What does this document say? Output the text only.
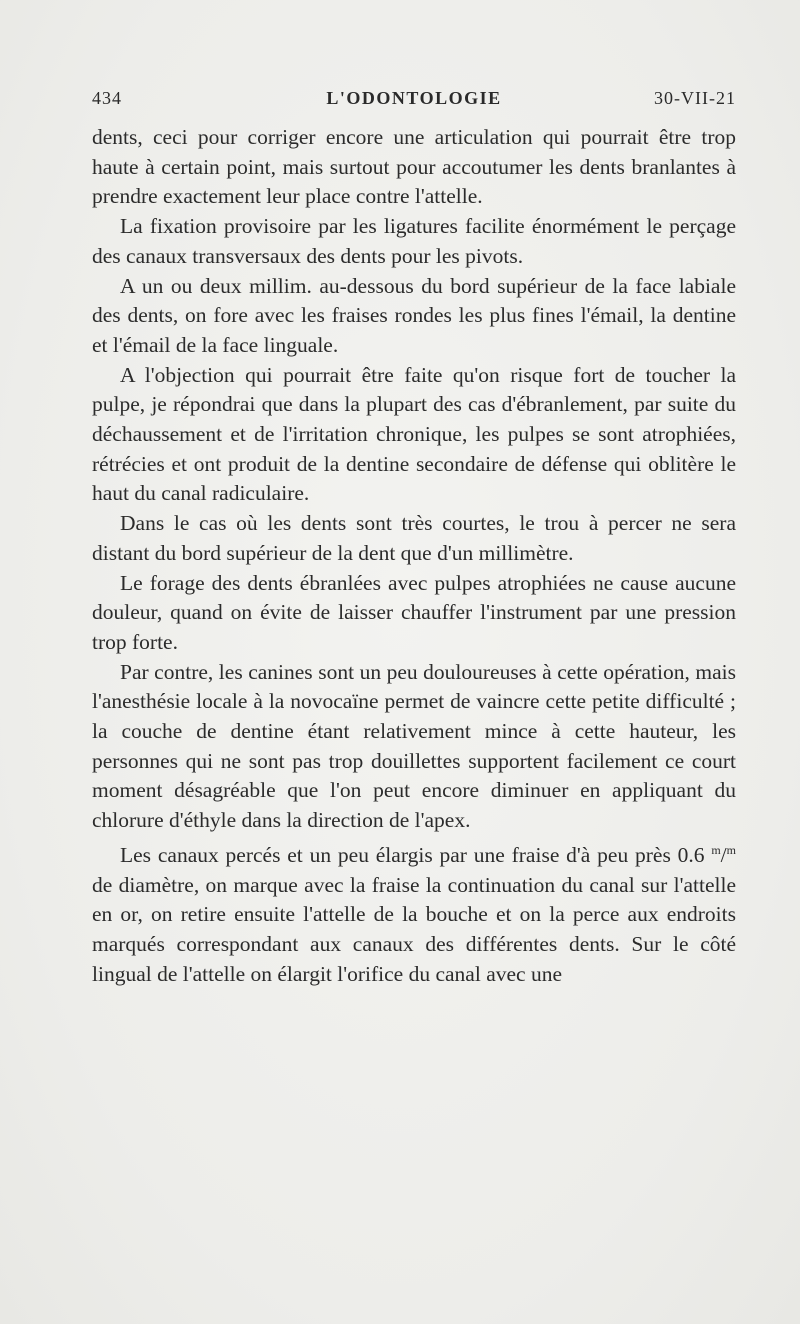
434	L'ODONTOLOGIE	30-VII-21

dents, ceci pour corriger encore une articulation qui pourrait être trop haute à certain point, mais surtout pour accoutumer les dents branlantes à prendre exactement leur place contre l'attelle.

La fixation provisoire par les ligatures facilite énormément le perçage des canaux transversaux des dents pour les pivots.

A un ou deux millim. au-dessous du bord supérieur de la face labiale des dents, on fore avec les fraises rondes les plus fines l'émail, la dentine et l'émail de la face linguale.

A l'objection qui pourrait être faite qu'on risque fort de toucher la pulpe, je répondrai que dans la plupart des cas d'ébranlement, par suite du déchaussement et de l'irritation chronique, les pulpes se sont atrophiées, rétrécies et ont produit de la dentine secondaire de défense qui oblitère le haut du canal radiculaire.

Dans le cas où les dents sont très courtes, le trou à percer ne sera distant du bord supérieur de la dent que d'un millimètre.

Le forage des dents ébranlées avec pulpes atrophiées ne cause aucune douleur, quand on évite de laisser chauffer l'instrument par une pression trop forte.

Par contre, les canines sont un peu douloureuses à cette opération, mais l'anesthésie locale à la novocaïne permet de vaincre cette petite difficulté ; la couche de dentine étant relativement mince à cette hauteur, les personnes qui ne sont pas trop douillettes supportent facilement ce court moment désagréable que l'on peut encore diminuer en appliquant du chlorure d'éthyle dans la direction de l'apex.

Les canaux percés et un peu élargis par une fraise d'à peu près 0.6 $^m$/$^m$ de diamètre, on marque avec la fraise la continuation du canal sur l'attelle en or, on retire ensuite l'attelle de la bouche et on la perce aux endroits marqués correspondant aux canaux des différentes dents. Sur le côté lingual de l'attelle on élargit l'orifice du canal avec une
